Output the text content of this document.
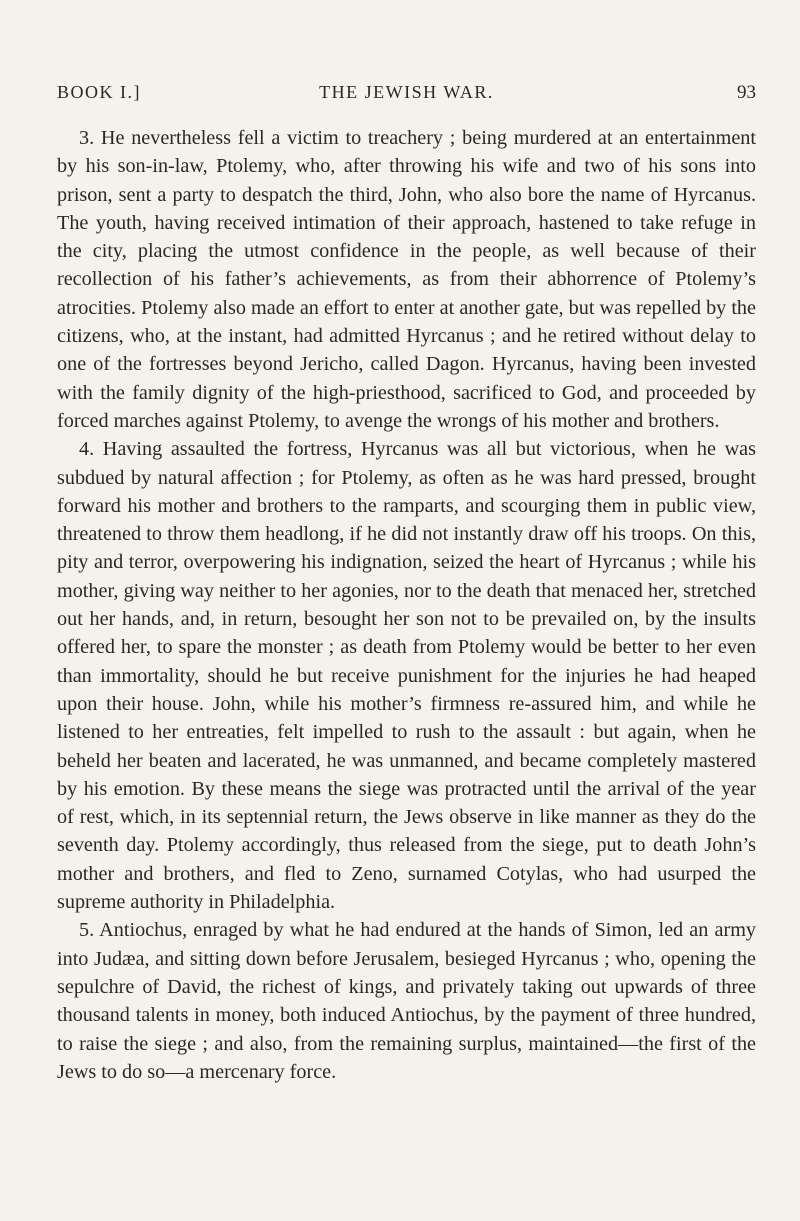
BOOK I.]	THE JEWISH WAR.	93

3. He nevertheless fell a victim to treachery ; being murdered at an entertainment by his son-in-law, Ptolemy, who, after throwing his wife and two of his sons into prison, sent a party to despatch the third, John, who also bore the name of Hyrcanus. The youth, having received intimation of their approach, hastened to take refuge in the city, placing the utmost confidence in the people, as well because of their recollection of his father’s achievements, as from their abhorrence of Ptolemy’s atrocities. Ptolemy also made an effort to enter at another gate, but was repelled by the citizens, who, at the instant, had admitted Hyrcanus ; and he retired without delay to one of the fortresses beyond Jericho, called Dagon. Hyrcanus, having been invested with the family dignity of the high-priesthood, sacrificed to God, and proceeded by forced marches against Ptolemy, to avenge the wrongs of his mother and brothers.

4. Having assaulted the fortress, Hyrcanus was all but victorious, when he was subdued by natural affection ; for Ptolemy, as often as he was hard pressed, brought forward his mother and brothers to the ramparts, and scourging them in public view, threatened to throw them headlong, if he did not instantly draw off his troops. On this, pity and terror, overpowering his indignation, seized the heart of Hyrcanus ; while his mother, giving way neither to her agonies, nor to the death that menaced her, stretched out her hands, and, in return, besought her son not to be prevailed on, by the insults offered her, to spare the monster ; as death from Ptolemy would be better to her even than immortality, should he but receive punishment for the injuries he had heaped upon their house. John, while his mother’s firmness re-assured him, and while he listened to her entreaties, felt impelled to rush to the assault : but again, when he beheld her beaten and lacerated, he was unmanned, and became completely mastered by his emotion. By these means the siege was protracted until the arrival of the year of rest, which, in its septennial return, the Jews observe in like manner as they do the seventh day. Ptolemy accordingly, thus released from the siege, put to death John’s mother and brothers, and fled to Zeno, surnamed Cotylas, who had usurped the supreme authority in Philadelphia.

5. Antiochus, enraged by what he had endured at the hands of Simon, led an army into Judæa, and sitting down before Jerusalem, besieged Hyrcanus ; who, opening the sepulchre of David, the richest of kings, and privately taking out upwards of three thousand talents in money, both induced Antiochus, by the payment of three hundred, to raise the siege ; and also, from the remaining surplus, maintained—the first of the Jews to do so—a mercenary force.
